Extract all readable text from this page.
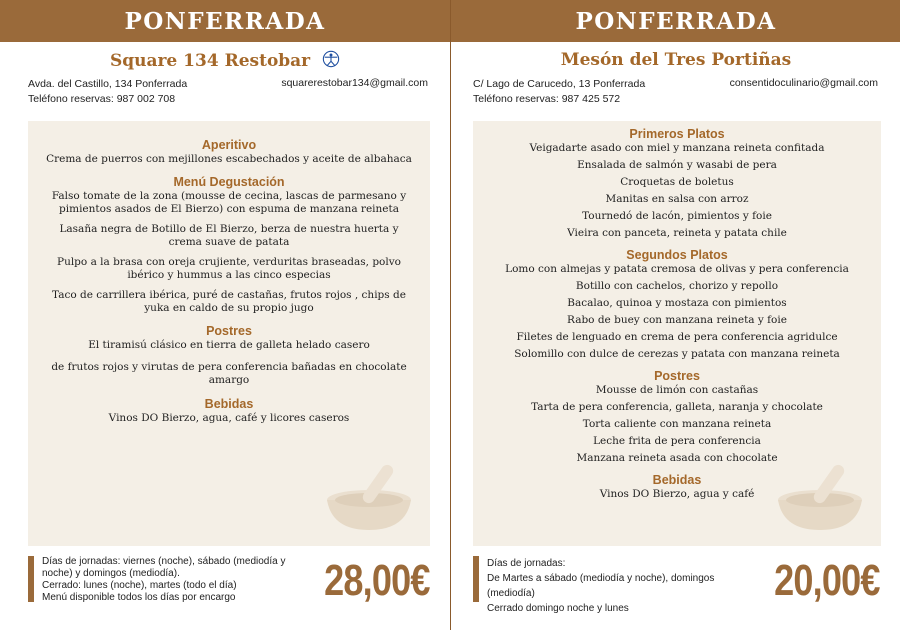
PONFERRADA
Square 134 Restobar
Avda. del Castillo, 134 Ponferrada
Teléfono reservas: 987 002 708
squarerestobar134@gmail.com
Aperitivo
Crema de puerros con mejillones escabechados y aceite de albahaca
Menú Degustación
Falso tomate de la zona (mousse de cecina, lascas de parmesano y pimientos asados de El Bierzo) con espuma de manzana reineta
Lasaña negra de Botillo de El Bierzo, berza de nuestra huerta y crema suave de patata
Pulpo a la brasa con oreja crujiente, verduritas braseadas, polvo ibérico y hummus a las cinco especias
Taco de carrillera ibérica, puré de castañas, frutos rojos , chips de yuka en caldo de su propio jugo
Postres
El tiramisú clásico en tierra de galleta helado casero
de frutos rojos y virutas de pera conferencia bañadas en chocolate amargo
Bebidas
Vinos DO Bierzo, agua, café y licores caseros
Días de jornadas: viernes (noche), sábado (mediodía y noche) y domingos (mediodía).
Cerrado: lunes (noche), martes (todo el día)
Menú disponible todos los días por encargo	28,00€
PONFERRADA
Mesón del Tres Portiñas
C/ Lago de Carucedo, 13 Ponferrada
Teléfono reservas: 987 425 572
consentidoculinario@gmail.com
Primeros Platos
Veigadarte asado con miel y manzana reineta confitada
Ensalada de salmón y wasabi de pera
Croquetas de boletus
Manitas en salsa con arroz
Tournedó de lacón, pimientos y foie
Vieira con panceta, reineta y patata chile
Segundos Platos
Lomo con almejas y patata cremosa de olivas y pera conferencia
Botillo con cachelos, chorizo y repollo
Bacalao, quinoa y mostaza con pimientos
Rabo de buey con manzana reineta y foie
Filetes de lenguado en crema de pera conferencia agridulce
Solomillo con dulce de cerezas y patata con manzana reineta
Postres
Mousse de limón con castañas
Tarta de pera conferencia, galleta, naranja y chocolate
Torta caliente con manzana reineta
Leche frita de pera conferencia
Manzana reineta asada con chocolate
Bebidas
Vinos DO Bierzo, agua y café
Días de jornadas:
De Martes a sábado (mediodía y noche), domingos (mediodía)
Cerrado domingo noche y lunes
20,00€
